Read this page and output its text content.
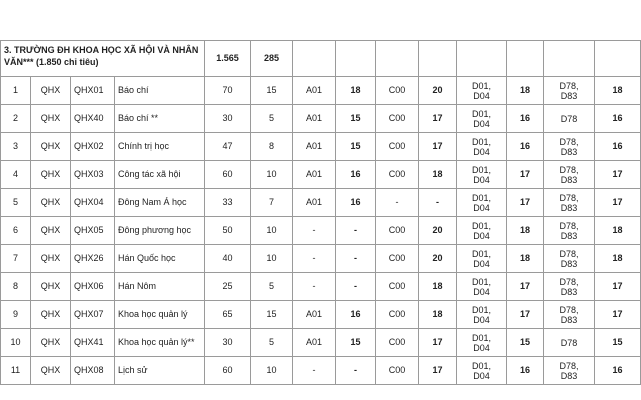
3. TRƯỜNG ĐH KHOA HỌC XÃ HỘI VÀ NHÂN
VĂN*** (1.850 chỉ tiêu)				1.565	285								
1	QHX	QHX01	Báo chí	70	15	A01	18	C00	20	D01,
D04	18	D78,
D83	18
2	QHX	QHX40	Báo chí **	30	5	A01	15	C00	17	D01,
D04	16	D78	16
3	QHX	QHX02	Chính trị học	47	8	A01	15	C00	17	D01,
D04	16	D78,
D83	16
4	QHX	QHX03	Công tác xã hội	60	10	A01	16	C00	18	D01,
D04	17	D78,
D83	17
5	QHX	QHX04	Đông Nam Á học	33	7	A01	16	-	-	D01,
D04	17	D78,
D83	17
6	QHX	QHX05	Đông phương học	50	10	-	-	C00	20	D01,
D04	18	D78,
D83	18
7	QHX	QHX26	Hán Quốc học	40	10	-	-	C00	20	D01,
D04	18	D78,
D83	18
8	QHX	QHX06	Hán Nôm	25	5	-	-	C00	18	D01,
D04	17	D78,
D83	17
9	QHX	QHX07	Khoa học quản lý	65	15	A01	16	C00	18	D01,
D04	17	D78,
D83	17
10	QHX	QHX41	Khoa học quản lý**	30	5	A01	15	C00	17	D01,
D04	15	D78	15
11	QHX	QHX08	Lịch sử	60	10	-	-	C00	17	D01,
D04	16	D78,
D83	16
